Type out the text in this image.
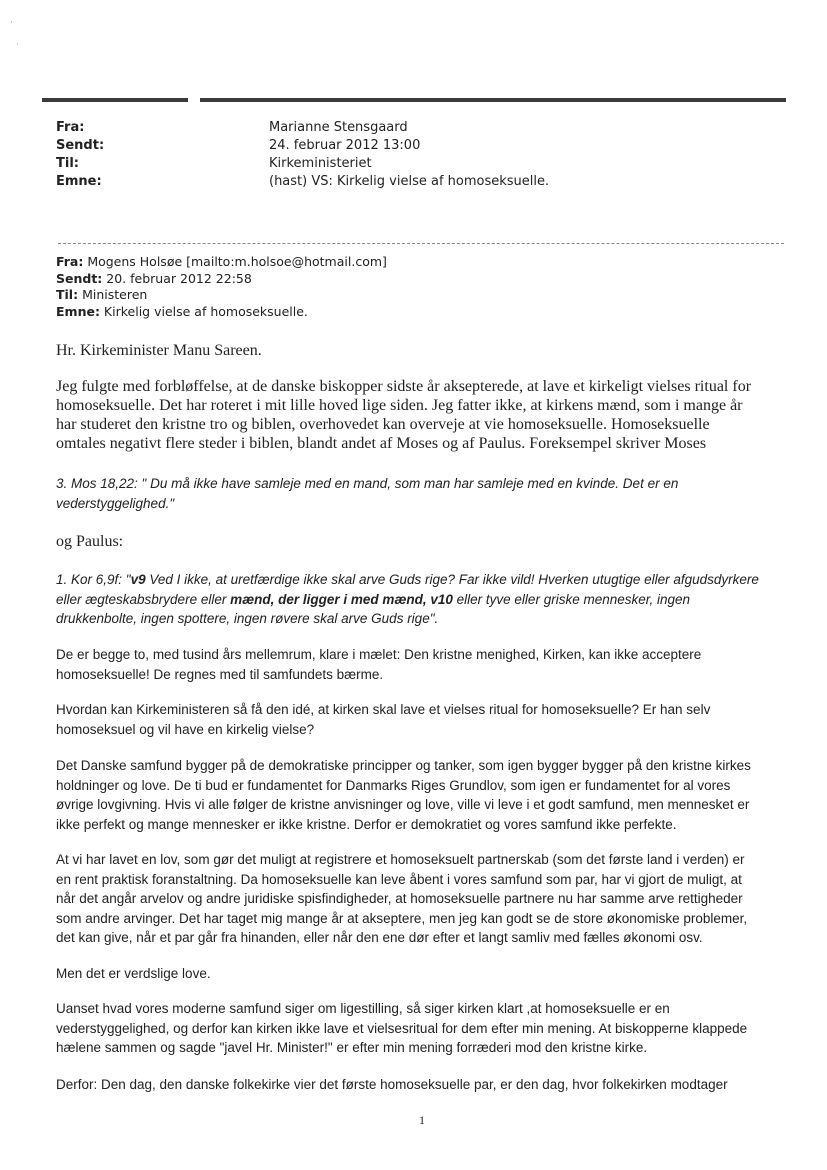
·
·
Fra:
Sendt:
Til:
Emne:
Marianne Stensgaard
24. februar 2012 13:00
Kirkeministeriet
(hast) VS: Kirkelig vielse af homoseksuelle.
Fra: Mogens Holsøe [mailto:m.holsoe@hotmail.com]
Sendt: 20. februar 2012 22:58
Til: Ministeren
Emne: Kirkelig vielse af homoseksuelle.
Hr. Kirkeminister Manu Sareen.
Jeg fulgte med forbløffelse, at de danske biskopper sidste år aksepterede, at lave et kirkeligt vielses ritual for
homoseksuelle. Det har roteret i mit lille hoved lige siden. Jeg fatter ikke, at kirkens mænd, som i mange år
har studeret den kristne tro og biblen, overhovedet kan overveje at vie homoseksuelle. Homoseksuelle
omtales negativt flere steder i biblen, blandt andet af Moses og af Paulus. Foreksempel skriver Moses
3. Mos 18,22: " Du må ikke have samleje med en mand, som man har samleje med en kvinde. Det er en
vederstyggelighed."
og Paulus:
1. Kor 6,9f: "v9 Ved I ikke, at uretfærdige ikke skal arve Guds rige? Far ikke vild! Hverken utugtige eller afgudsdyrkere
eller ægteskabsbrydere eller mænd, der ligger i med mænd, v10 eller tyve eller griske mennesker, ingen
drukkenbolte, ingen spottere, ingen røvere skal arve Guds rige".
De er begge to, med tusind års mellemrum, klare i mælet: Den kristne menighed, Kirken, kan ikke acceptere
homoseksuelle! De regnes med til samfundets bærme.
Hvordan kan Kirkeministeren så få den idé, at kirken skal lave et vielses ritual for homoseksuelle? Er han selv
homoseksuel og vil have en kirkelig vielse?
Det Danske samfund bygger på de demokratiske principper og tanker, som igen bygger bygger på den kristne kirkes
holdninger og love. De ti bud er fundamentet for Danmarks Riges Grundlov, som igen er fundamentet for al vores
øvrige lovgivning. Hvis vi alle følger de kristne anvisninger og love, ville vi leve i et godt samfund, men mennesket er
ikke perfekt og mange mennesker er ikke kristne. Derfor er demokratiet og vores samfund ikke perfekte.
At vi har lavet en lov, som gør det muligt at registrere et homoseksuelt partnerskab (som det første land i verden) er
en rent praktisk foranstaltning. Da homoseksuelle kan leve åbent i vores samfund som par, har vi gjort de muligt, at
når det angår arvelov og andre juridiske spisfindigheder, at homoseksuelle partnere nu har samme arve rettigheder
som andre arvinger. Det har taget mig mange år at akseptere, men jeg kan godt se de store økonomiske problemer,
det kan give, når et par går fra hinanden, eller når den ene dør efter et langt samliv med fælles økonomi osv.
Men det er verdslige love.
Uanset hvad vores moderne samfund siger om ligestilling, så siger kirken klart ,at homoseksuelle er en
vederstyggelighed, og derfor kan kirken ikke lave et vielsesritual for dem efter min mening. At biskopperne klappede
hælene sammen og sagde "javel Hr. Minister!" er efter min mening forræderi mod den kristne kirke.
Derfor: Den dag, den danske folkekirke vier det første homoseksuelle par, er den dag, hvor folkekirken modtager
1
